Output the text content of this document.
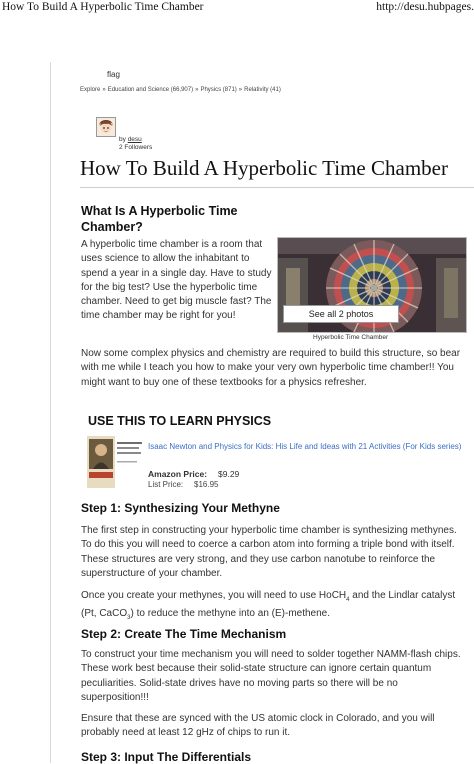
How To Build A Hyperbolic Time Chamber	http://desu.hubpages.
flag
Explore » Education and Science (66,907) » Physics (871) » Relativity (41)
by desu
2 Followers
How To Build A Hyperbolic Time Chamber
What Is A Hyperbolic Time Chamber?

A hyperbolic time chamber is a room that uses science to allow the inhabitant to spend a year in a single day. Have to study for the big test? Use the hyperbolic time chamber. Need to get big muscle fast? The time chamber may be right for you!	See all 2 photos
Hyperbolic Time Chamber

Now some complex physics and chemistry are required to build this structure, so bear with me while I teach you how to make your very own hyperbolic time chamber!! You might want to buy one of these textbooks for a physics refresher.

USE THIS TO LEARN PHYSICS
Isaac Newton and Physics for Kids: His Life and Ideas with 21 Activities (For Kids series)
Amazon Price: $9.29
List Price: $16.95
Step 1: Synthesizing Your Methyne

The first step in constructing your hyperbolic time chamber is synthesizing methynes. To do this you will need to coerce a carbon atom into forming a triple bond with itself. These structures are very strong, and they use carbon nanotube to reinforce the superstructure of your chamber.

Once you create your methynes, you will need to use HoCH$_4$ and the Lindlar catalyst (Pt, CaCO$_3$) to reduce the methyne into an (E)-methene.

Step 2: Create The Time Mechanism

To construct your time mechanism you will need to solder together NAMM-flash chips. These work best because their solid-state structure can ignore certain quantum peculiarities. Solid-state drives have no moving parts so there will be no superposition!!!

Ensure that these are synced with the US atomic clock in Colorado, and you will probably need at least 12 gHz of chips to run it.

Step 3: Input The Differentials
